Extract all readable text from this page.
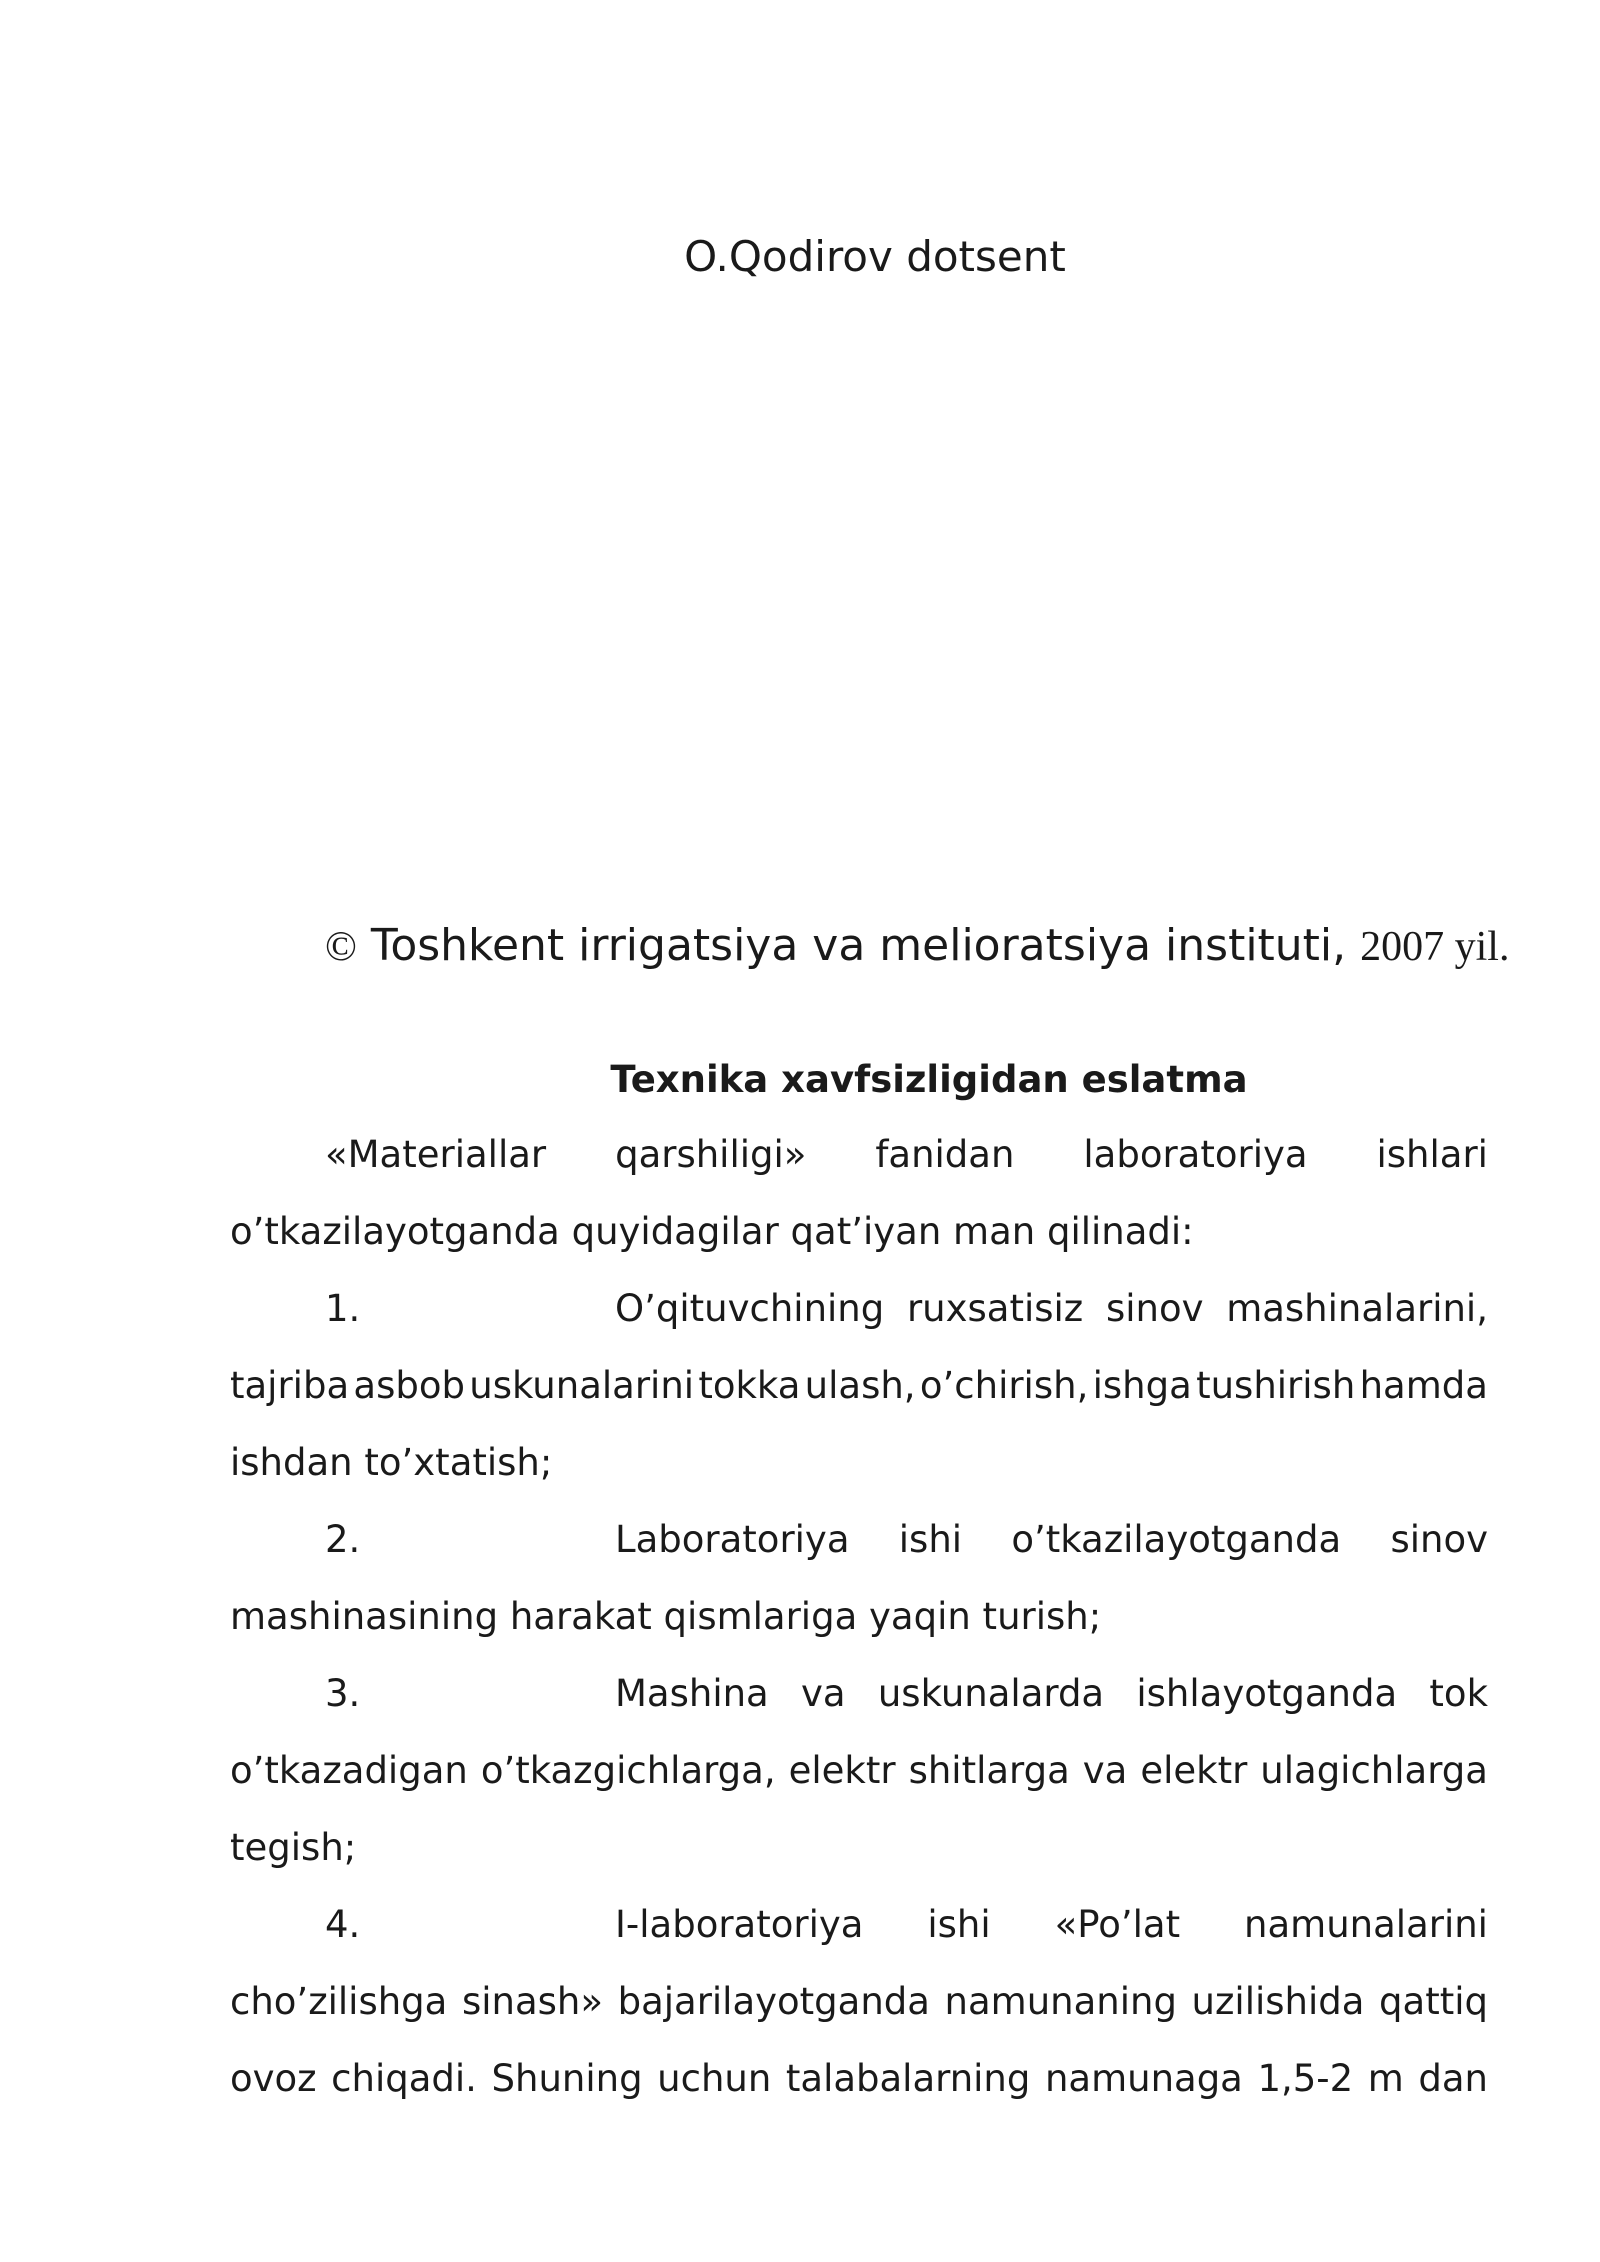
O.Qodirov dotsent
© Toshkent irrigatsiya va melioratsiya instituti, 2007 yil.
Texnika xavfsizligidan eslatma
«Materiallar qarshiligi» fanidan laboratoriya ishlari
o’tkazilayotganda quyidagilar qat’iyan man qilinadi:
1.	O’qituvchining ruxsatisiz sinov mashinalarini,
tajriba asbob uskunalarini tokka ulash, o’chirish, ishga tushirish hamda
ishdan to’xtatish;
2.	Laboratoriya ishi o’tkazilayotganda sinov
mashinasining harakat qismlariga yaqin turish;
3.	Mashina va uskunalarda ishlayotganda tok
o’tkazadigan o’tkazgichlarga, elektr shitlarga va elektr ulagichlarga
tegish;
4.	I-laboratoriya ishi «Po’lat namunalarini
cho’zilishga sinash» bajarilayotganda namunaning uzilishida qattiq
ovoz chiqadi. Shuning uchun talabalarning namunaga 1,5-2 m dan
